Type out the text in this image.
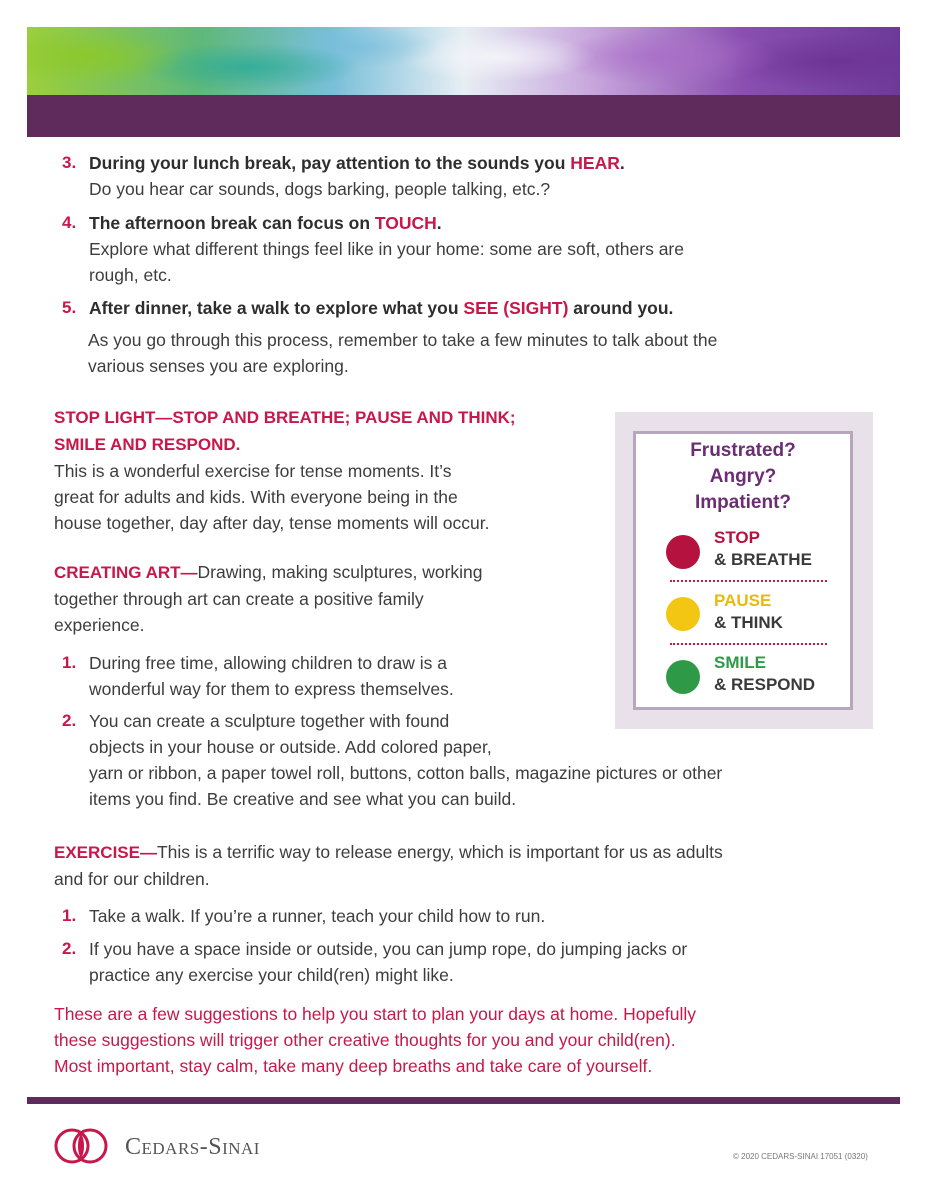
3. During your lunch break, pay attention to the sounds you HEAR.
Do you hear car sounds, dogs barking, people talking, etc.?
4. The afternoon break can focus on TOUCH.
Explore what different things feel like in your home: some are soft, others are
rough, etc.
5. After dinner, take a walk to explore what you SEE (SIGHT) around you.
As you go through this process, remember to take a few minutes to talk about the
various senses you are exploring.
STOP LIGHT—STOP AND BREATHE; PAUSE AND THINK;
SMILE AND RESPOND.
This is a wonderful exercise for tense moments. It’s
great for adults and kids. With everyone being in the
house together, day after day, tense moments will occur.
CREATING ART—Drawing, making sculptures, working
together through art can create a positive family
experience.
1. During free time, allowing children to draw is a
wonderful way for them to express themselves.
2. You can create a sculpture together with found
objects in your house or outside. Add colored paper,
yarn or ribbon, a paper towel roll, buttons, cotton balls, magazine pictures or other
items you find. Be creative and see what you can build.
EXERCISE—This is a terrific way to release energy, which is important for us as adults
and for our children.
1. Take a walk. If you’re a runner, teach your child how to run.
2. If you have a space inside or outside, you can jump rope, do jumping jacks or
practice any exercise your child(ren) might like.
These are a few suggestions to help you start to plan your days at home. Hopefully
these suggestions will trigger other creative thoughts for you and your child(ren).
Most important, stay calm, take many deep breaths and take care of yourself.
Frustrated?
Angry?
Impatient?
STOP
& BREATHE
PAUSE
& THINK
SMILE
& RESPOND
Cedars-Sinai	© 2020 CEDARS-SINAI 17051 (0320)
